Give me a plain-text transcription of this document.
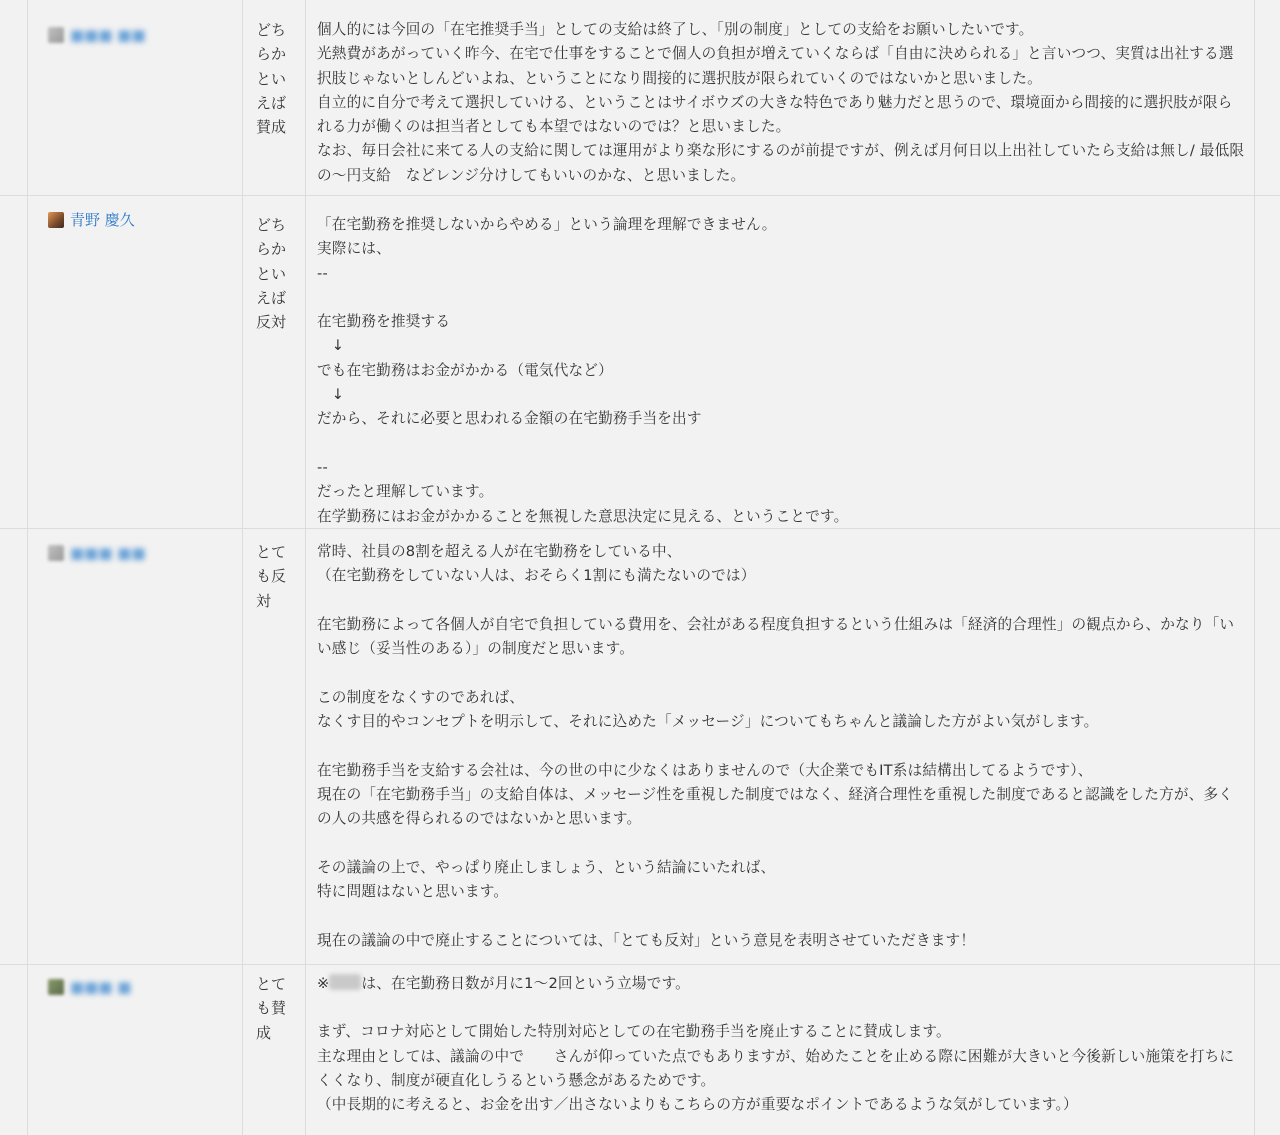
■■■ ■■	どちらかといえば賛成
個人的には今回の「在宅推奨手当」としての支給は終了し、「別の制度」としての支給をお願いしたいです。
光熱費があがっていく昨今、在宅で仕事をすることで個人の負担が増えていくならば「自由に決められる」と言いつつ、実質は出社する選択肢じゃないとしんどいよね、ということになり間接的に選択肢が限られていくのではないかと思いました。
自立的に自分で考えて選択していける、ということはサイボウズの大きな特色であり魅力だと思うので、環境面から間接的に選択肢が限られる力が働くのは担当者としても本望ではないのでは？と思いました。
なお、毎日会社に来てる人の支給に関しては運用がより楽な形にするのが前提ですが、例えば月何日以上出社していたら支給は無し/ 最低限の〜円支給　などレンジ分けしてもいいのかな、と思いました。
青野 慶久	どちらかといえば反対
「在宅勤務を推奨しないからやめる」という論理を理解できません。
実際には、
--

在宅勤務を推奨する
　↓
でも在宅勤務はお金がかかる（電気代など）
　↓
だから、それに必要と思われる金額の在宅勤務手当を出す

--
だったと理解しています。
在学勤務にはお金がかかることを無視した意思決定に見える、ということです。
■■■ ■■	とても反対
常時、社員の8割を超える人が在宅勤務をしている中、
（在宅勤務をしていない人は、おそらく1割にも満たないのでは）

在宅勤務によって各個人が自宅で負担している費用を、会社がある程度負担するという仕組みは「経済的合理性」の観点から、かなり「いい感じ（妥当性のある）」の制度だと思います。

この制度をなくすのであれば、
なくす目的やコンセプトを明示して、それに込めた「メッセージ」についてもちゃんと議論した方がよい気がします。

在宅勤務手当を支給する会社は、今の世の中に少なくはありませんので（大企業でもIT系は結構出してるようです）、
現在の「在宅勤務手当」の支給自体は、メッセージ性を重視した制度ではなく、経済合理性を重視した制度であると認識をした方が、多くの人の共感を得られるのではないかと思います。

その議論の上で、やっぱり廃止しましょう、という結論にいたれば、
特に問題はないと思います。

現在の議論の中で廃止することについては、「とても反対」という意見を表明させていただきます！
■■■ ■	とても賛成
※ は、在宅勤務日数が月に1〜2回という立場です。
まず、コロナ対応として開始した特別対応としての在宅勤務手当を廃止することに賛成します。
主な理由としては、議論の中で　　さんが仰っていた点でもありますが、始めたことを止める際に困難が大きいと今後新しい施策を打ちにくくなり、制度が硬直化しうるという懸念があるためです。
（中長期的に考えると、お金を出す／出さないよりもこちらの方が重要なポイントであるような気がしています。）
